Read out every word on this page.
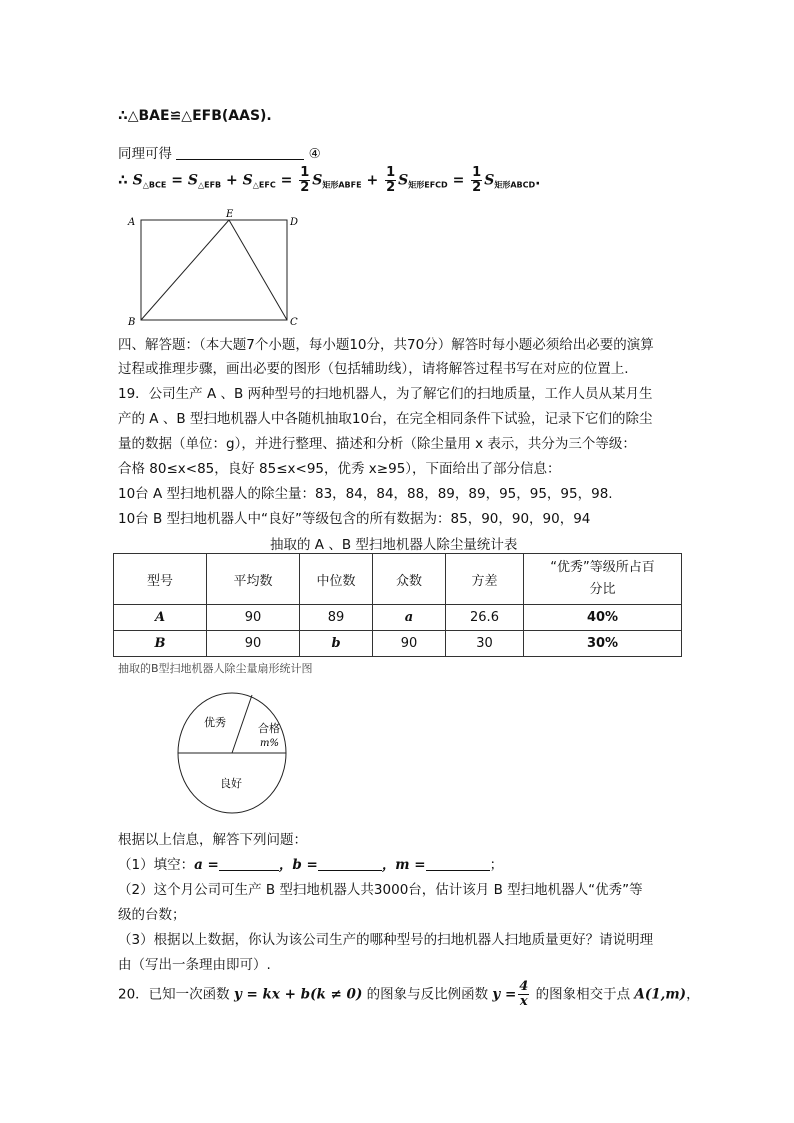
∴△BAE≌△EFB(AAS).
同理可得	④
∴ $S_{\triangle BCE} = S_{\triangle EFB} + S_{\triangle EFC} = \frac{1}{2} S_{矩形ABFE} + \frac{1}{2} S_{矩形EFCD} = \frac{1}{2} S_{矩形ABCD}$.
A
E
D
B	C
四、解答题：（本大题7个小题，每小题10分，共70分）解答时每小题必须给出必要的演算
过程或推理步骤，画出必要的图形（包括辅助线），请将解答过程书写在对应的位置上.
19．公司生产 A 、B 两种型号的扫地机器人，为了解它们的扫地质量，工作人员从某月生
产的 A 、B 型扫地机器人中各随机抽取10台，在完全相同条件下试验，记录下它们的除尘
量的数据（单位：g），并进行整理、描述和分析（除尘量用 x 表示，共分为三个等级：
合格 80≤x<85，良好 85≤x<95，优秀 x≥95），下面给出了部分信息：
10台 A 型扫地机器人的除尘量：83，84，84，88，89，89，95，95，95，98.
10台 B 型扫地机器人中“良好”等级包含的所有数据为：85，90，90，90，94
抽取的 A 、B 型扫地机器人除尘量统计表
型号	平均数	中位数	众数	方差	“优秀”等级所占百
分比

A	90	89	a	26.6	40%
B	90	b	90	30	30%
抽取的B型扫地机器人除尘量扇形统计图
优秀	合格
m%
良好
根据以上信息，解答下列问题：
（1）填空：a =	，b =	，m =	；
（2）这个月公司可生产 B 型扫地机器人共3000台，估计该月 B 型扫地机器人“优秀”等
级的台数；
（3）根据以上数据，你认为该公司生产的哪种型号的扫地机器人扫地质量更好？请说明理
由（写出一条理由即可）.
20．已知一次函数 y = kx + b(k ≠ 0) 的图象与反比例函数 $y = \frac{4}{x}$ 的图象相交于点 A(1,m)，
